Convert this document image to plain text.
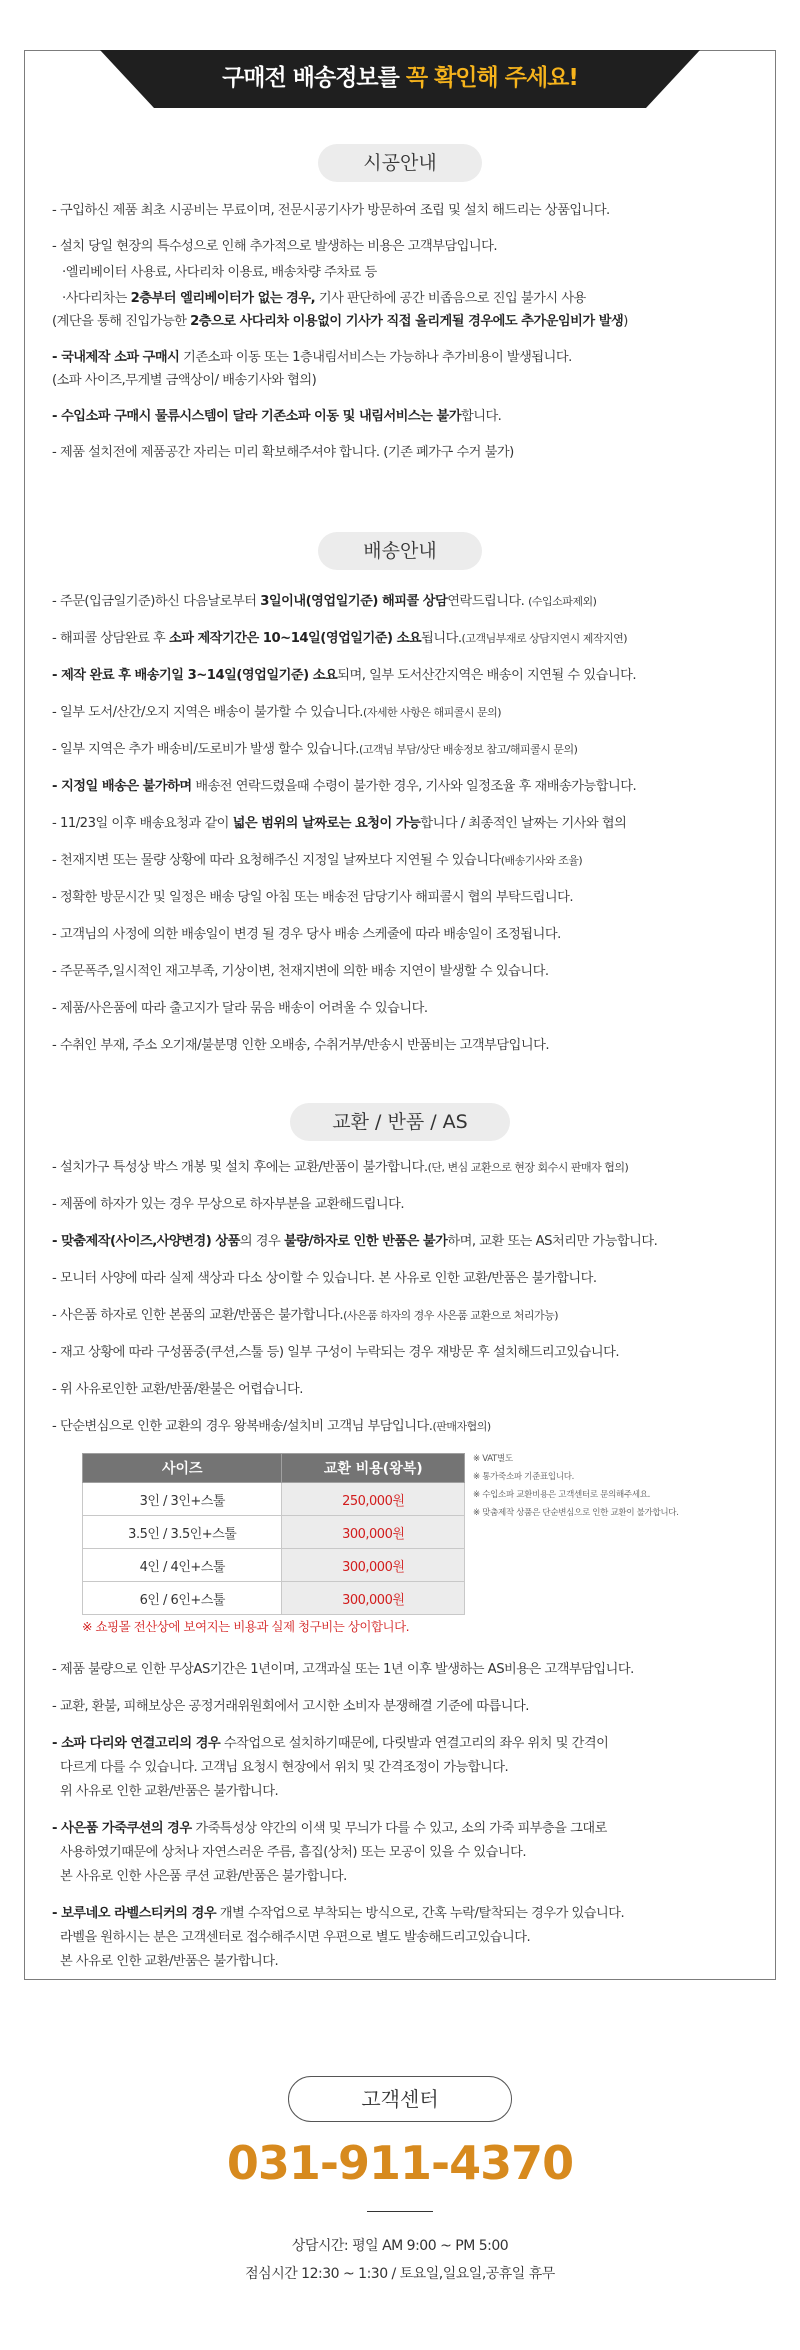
구매전 배송정보를 꼭 확인해 주세요!
시공안내
- 구입하신 제품 최초 시공비는 무료이며, 전문시공기사가 방문하여 조립 및 설치 해드리는 상품입니다.
- 설치 당일 현장의 특수성으로 인해 추가적으로 발생하는 비용은 고객부담입니다.
·엘리베이터 사용료, 사다리차 이용료, 배송차량 주차료 등
·사다리차는 2층부터 엘리베이터가 없는 경우, 기사 판단하에 공간 비좁음으로 진입 불가시 사용
(계단을 통해 진입가능한 2층으로 사다리차 이용없이 기사가 직접 올리게될 경우에도 추가운임비가 발생)
- 국내제작 소파 구매시 기존소파 이동 또는 1층내림서비스는 가능하나 추가비용이 발생됩니다.
(소파 사이즈,무게별 금액상이/ 배송기사와 협의)
- 수입소파 구매시 물류시스템이 달라 기존소파 이동 및 내림서비스는 불가합니다.
- 제품 설치전에 제품공간 자리는 미리 확보해주셔야 합니다. (기존 폐가구 수거 불가)
배송안내
- 주문(입금일기준)하신 다음날로부터 3일이내(영업일기준) 해피콜 상담연락드립니다. (수입소파제외)
- 해피콜 상담완료 후 소파 제작기간은 10~14일(영업일기준) 소요됩니다.(고객님부재로 상담지연시 제작지연)
- 제작 완료 후 배송기일 3~14일(영업일기준) 소요되며, 일부 도서산간지역은 배송이 지연될 수 있습니다.
- 일부 도서/산간/오지 지역은 배송이 불가할 수 있습니다.(자세한 사항은 해피콜시 문의)
- 일부 지역은 추가 배송비/도로비가 발생 할수 있습니다.(고객님 부담/상단 배송정보 참고/해피콜시 문의)
- 지정일 배송은 불가하며 배송전 연락드렸을때 수령이 불가한 경우, 기사와 일정조율 후 재배송가능합니다.
- 11/23일 이후 배송요청과 같이 넓은 범위의 날짜로는 요청이 가능합니다 / 최종적인 날짜는 기사와 협의
- 천재지변 또는 물량 상황에 따라 요청해주신 지정일 날짜보다 지연될 수 있습니다(배송기사와 조율)
- 정확한 방문시간 및 일정은 배송 당일 아침 또는 배송전 담당기사 해피콜시 협의 부탁드립니다.
- 고객님의 사정에 의한 배송일이 변경 될 경우 당사 배송 스케줄에 따라 배송일이 조정됩니다.
- 주문폭주,일시적인 재고부족, 기상이변, 천재지변에 의한 배송 지연이 발생할 수 있습니다.
- 제품/사은품에 따라 출고지가 달라 묶음 배송이 어려울 수 있습니다.
- 수취인 부재, 주소 오기재/불분명 인한 오배송, 수취거부/반송시 반품비는 고객부담입니다.
교환 / 반품 / AS
- 설치가구 특성상 박스 개봉 및 설치 후에는 교환/반품이 불가합니다.(단, 변심 교환으로 현장 회수시 판매자 협의)
- 제품에 하자가 있는 경우 무상으로 하자부분을 교환해드립니다.
- 맞춤제작(사이즈,사양변경) 상품의 경우 불량/하자로 인한 반품은 불가하며, 교환 또는 AS처리만 가능합니다.
- 모니터 사양에 따라 실제 색상과 다소 상이할 수 있습니다. 본 사유로 인한 교환/반품은 불가합니다.
- 사은품 하자로 인한 본품의 교환/반품은 불가합니다.(사은품 하자의 경우 사은품 교환으로 처리가능)
- 재고 상황에 따라 구성품중(쿠션,스툴 등) 일부 구성이 누락되는 경우 재방문 후 설치해드리고있습니다.
- 위 사유로인한 교환/반품/환불은 어렵습니다.
- 단순변심으로 인한 교환의 경우 왕복배송/설치비 고객님 부담입니다.(판매자협의)
사이즈	교환 비용(왕복)
3인 / 3인+스툴	250,000원
3.5인 / 3.5인+스툴	300,000원
4인 / 4인+스툴	300,000원
6인 / 6인+스툴	300,000원
※ VAT별도
※ 통가죽소파 기준표입니다.
※ 수입소파 교환비용은 고객센터로 문의해주세요.
※ 맞춤제작 상품은 단순변심으로 인한 교환이 불가합니다.
※ 쇼핑몰 전산상에 보여지는 비용과 실제 청구비는 상이합니다.
- 제품 불량으로 인한 무상AS기간은 1년이며, 고객과실 또는 1년 이후 발생하는 AS비용은 고객부담입니다.
- 교환, 환불, 피해보상은 공정거래위원회에서 고시한 소비자 분쟁해결 기준에 따릅니다.
- 소파 다리와 연결고리의 경우 수작업으로 설치하기때문에, 다릿발과 연결고리의 좌우 위치 및 간격이
다르게 다를 수 있습니다. 고객님 요청시 현장에서 위치 및 간격조정이 가능합니다.
위 사유로 인한 교환/반품은 불가합니다.
- 사은품 가죽쿠션의 경우 가죽특성상 약간의 이색 및 무늬가 다를 수 있고, 소의 가죽 피부층을 그대로
사용하였기때문에 상처나 자연스러운 주름, 흠집(상처) 또는 모공이 있을 수 있습니다.
본 사유로 인한 사은품 쿠션 교환/반품은 불가합니다.
- 보루네오 라벨스티커의 경우 개별 수작업으로 부착되는 방식으로, 간혹 누락/탈착되는 경우가 있습니다.
라벨을 원하시는 분은 고객센터로 접수해주시면 우편으로 별도 발송해드리고있습니다.
본 사유로 인한 교환/반품은 불가합니다.
고객센터
031-911-4370
상담시간: 평일 AM 9:00 ~ PM 5:00
점심시간 12:30 ~ 1:30 / 토요일,일요일,공휴일 휴무
